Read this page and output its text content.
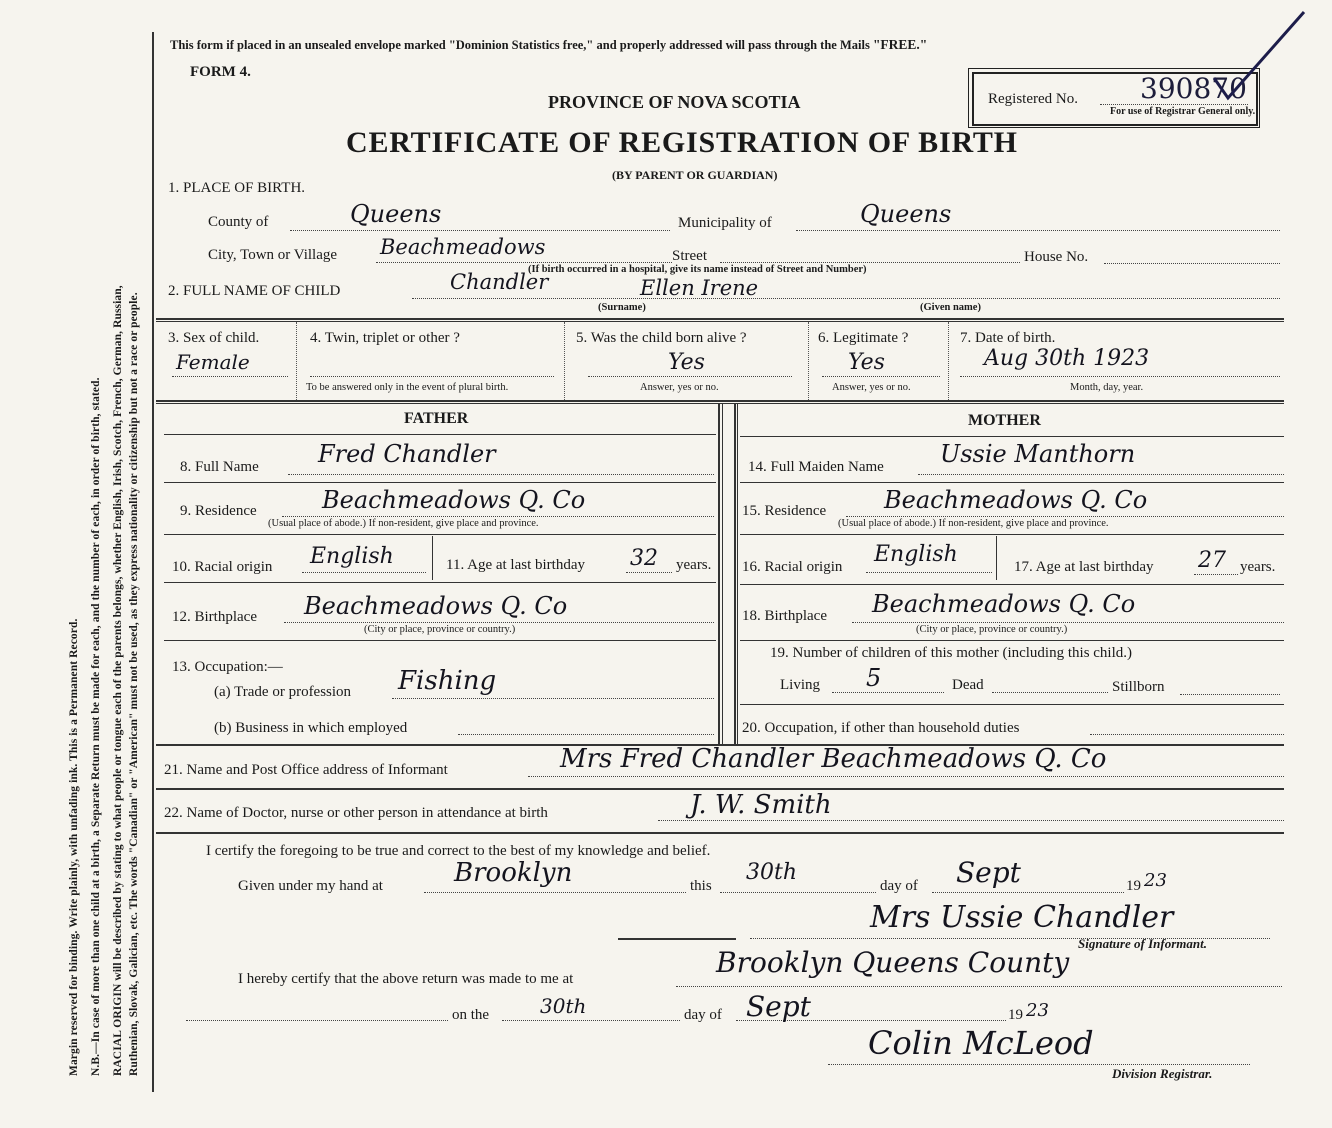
Margin reserved for binding. Write plainly, with unfading ink. This is a Permanent Record. N.B.—In case of more than one child at a birth, a Separate Return must be made for each, and the number of each, in order of birth, stated. RACIAL ORIGIN will be described by stating to what people or tongue each of the parents belongs, whether English, Irish, Scotch, French, German, Russian, Ruthenian, Slovak, Galician, etc. The words "Canadian" or "American" must not be used, as they express nationality or citizenship but not a race or people.
This form if placed in an unsealed envelope marked "Dominion Statistics free," and properly addressed will pass through the Mails "FREE."
FORM 4.
PROVINCE OF NOVA SCOTIA
CERTIFICATE OF REGISTRATION OF BIRTH
(BY PARENT OR GUARDIAN)
Registered No. 390870
For use of Registrar General only.
1. PLACE OF BIRTH.
County of	Queens	Municipality of	Queens
City, Town or Village Beachmeadows	Street	House No.
(If birth occurred in a hospital, give its name instead of Street and Number)
2. FULL NAME OF CHILD	Chandler	Ellen Irene
(Surname)	(Given name)
3. Sex of child.
Female
4. Twin, triplet or other ?
To be answered only in the event of plural birth.
5. Was the child born alive ?
Yes
Answer, yes or no.
6. Legitimate ?
Yes
Answer, yes or no.
7. Date of birth.
Aug 30th 1923
Month, day, year.
FATHER	MOTHER
8. Full Name Fred Chandler
9. Residence	Beachmeadows Q. Co
(Usual place of abode.) If non-resident, give place and province.
10. Racial origin English	11. Age at last birthday 32 years.
12. Birthplace Beachmeadows Q. Co
(City or place, province or country.)
13. Occupation:—
(a) Trade or profession Fishing
(b) Business in which employed
14. Full Maiden Name Ussie Manthorn
15. Residence Beachmeadows Q. Co
(Usual place of abode.) If non-resident, give place and province.
16. Racial origin English	17. Age at last birthday 27 years.
18. Birthplace Beachmeadows Q. Co
(City or place, province or country.)
19. Number of children of this mother (including this child.)
Living 5	Dead	Stillborn
20. Occupation, if other than household duties
21. Name and Post Office address of Informant	Mrs Fred Chandler Beachmeadows Q. Co
22. Name of Doctor, nurse or other person in attendance at birth	J. W. Smith
I certify the foregoing to be true and correct to the best of my knowledge and belief.
Given under my hand at	Brooklyn	this
30th
day of Sept	19 23
Mrs Ussie Chandler
Signature of Informant.
I hereby certify that the above return was made to me at	Brooklyn Queens County
on the	30th	day of Sept	19 23
Colin McLeod
Division Registrar.
